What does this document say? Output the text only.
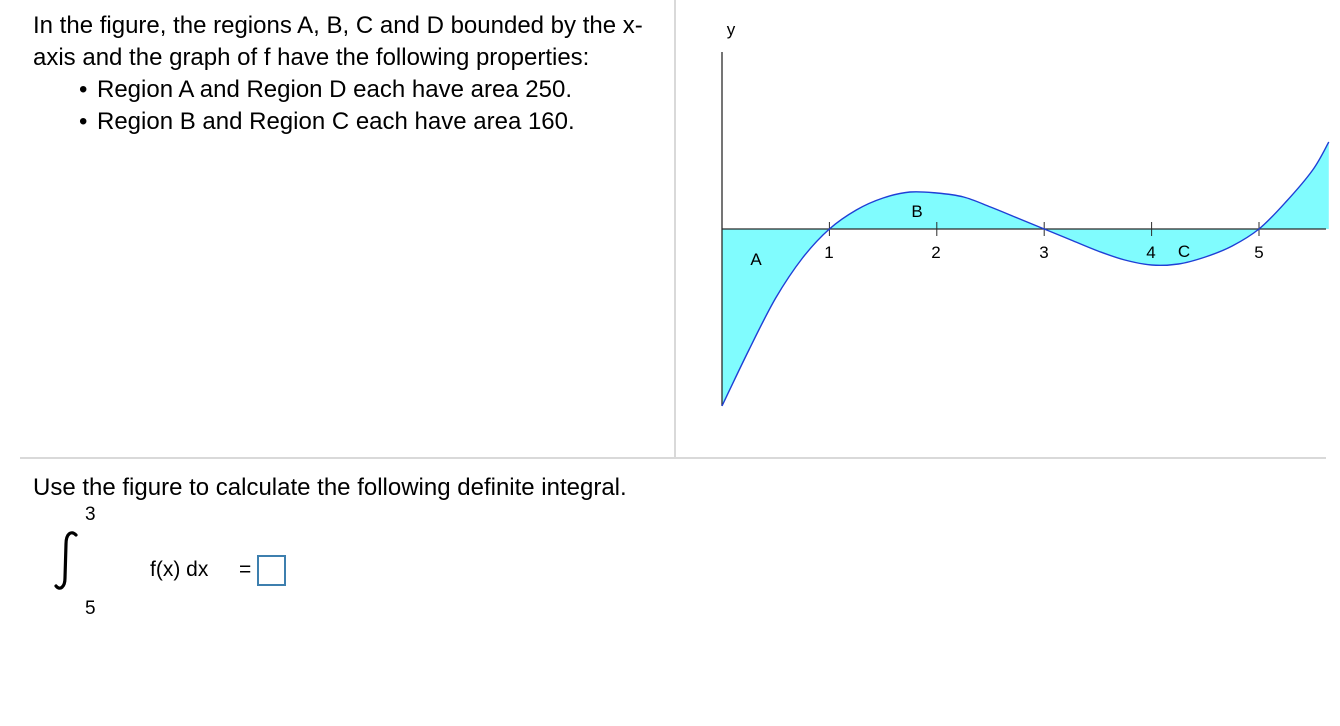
In the figure, the regions A, B, C and D bounded by the x-axis and the graph of f have the following properties:

• Region A and Region D each have area 250.
• Region B and Region C each have area 160.
y
1	2	3	4	5
A
B
C
Use the figure to calculate the following definite integral.
3
5
f(x) dx =
